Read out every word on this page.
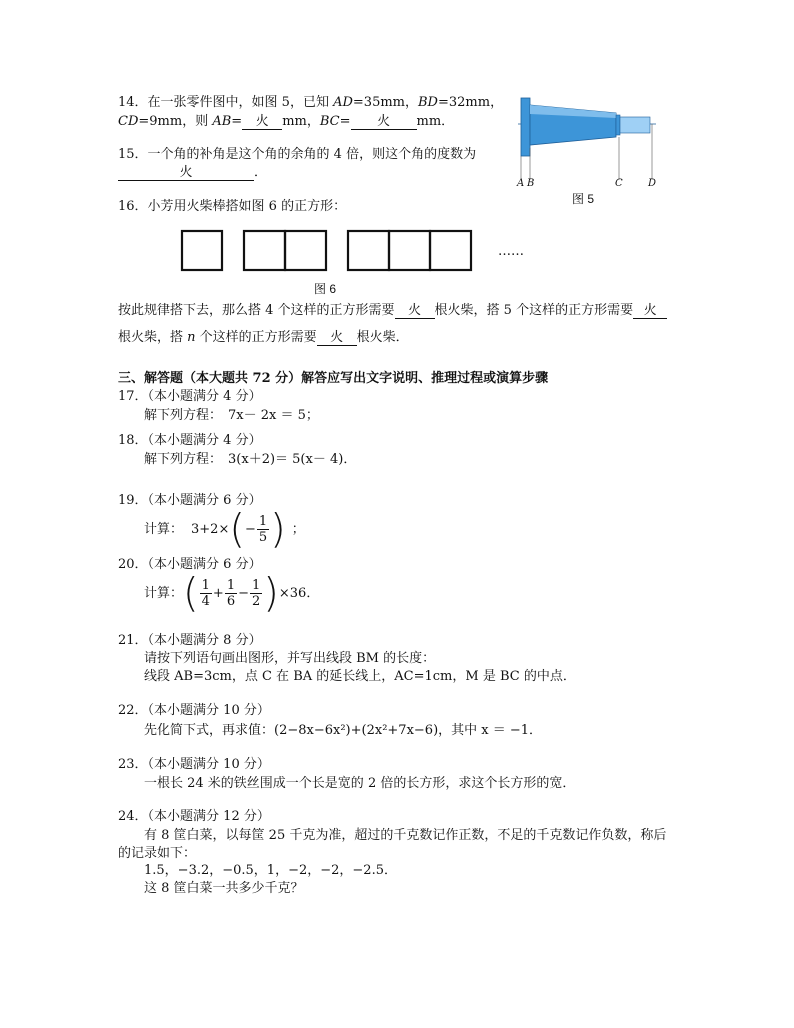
14．在一张零件图中，如图 5，已知 AD=35mm，BD=32mm，
CD=9mm，则 AB= 火 mm，BC= 火 mm．
A B	C	D
图 5
15．一个角的补角是这个角的余角的 4 倍，则这个角的度数为
火	．
16．小芳用火柴棒搭如图 6 的正方形：
……
图 6
按此规律搭下去，那么搭 4 个这样的正方形需要 火 根火柴，搭 5 个这样的正方形需要 火
根火柴，搭 n 个这样的正方形需要 火 根火柴．
三、解答题（本大题共 72 分）解答应写出文字说明、推理过程或演算步骤
17．（本小题满分 4 分）
解下列方程： 7x－ 2x ＝ 5；
18．（本小题满分 4 分）
解下列方程： 3(x＋2)＝ 5(x－ 4)．
19．（本小题满分 6 分）
计算： $3+2\times(- \frac{1}{5}$ ) ；
20．（本小题满分 6 分）
计算：( $\frac{1}{4} + \frac{1}{6} - \frac{1}{2} )\times 36$．
21．（本小题满分 8 分）
请按下列语句画出图形，并写出线段 BM 的长度：
线段 AB=3cm，点 C 在 BA 的延长线上，AC=1cm，M 是 BC 的中点．
22．（本小题满分 10 分）
先化简下式，再求值：(2−8x−6x²)+(2x²+7x−6)，其中 x ＝ −1．
23．（本小题满分 10 分）
一根长 24 米的铁丝围成一个长是宽的 2 倍的长方形，求这个长方形的宽．
24．（本小题满分 12 分）
有 8 筐白菜，以每筐 25 千克为准，超过的千克数记作正数，不足的千克数记作负数，称后
的记录如下：
1.5，−3.2，−0.5，1，−2，−2，−2.5．
这 8 筐白菜一共多少千克？
